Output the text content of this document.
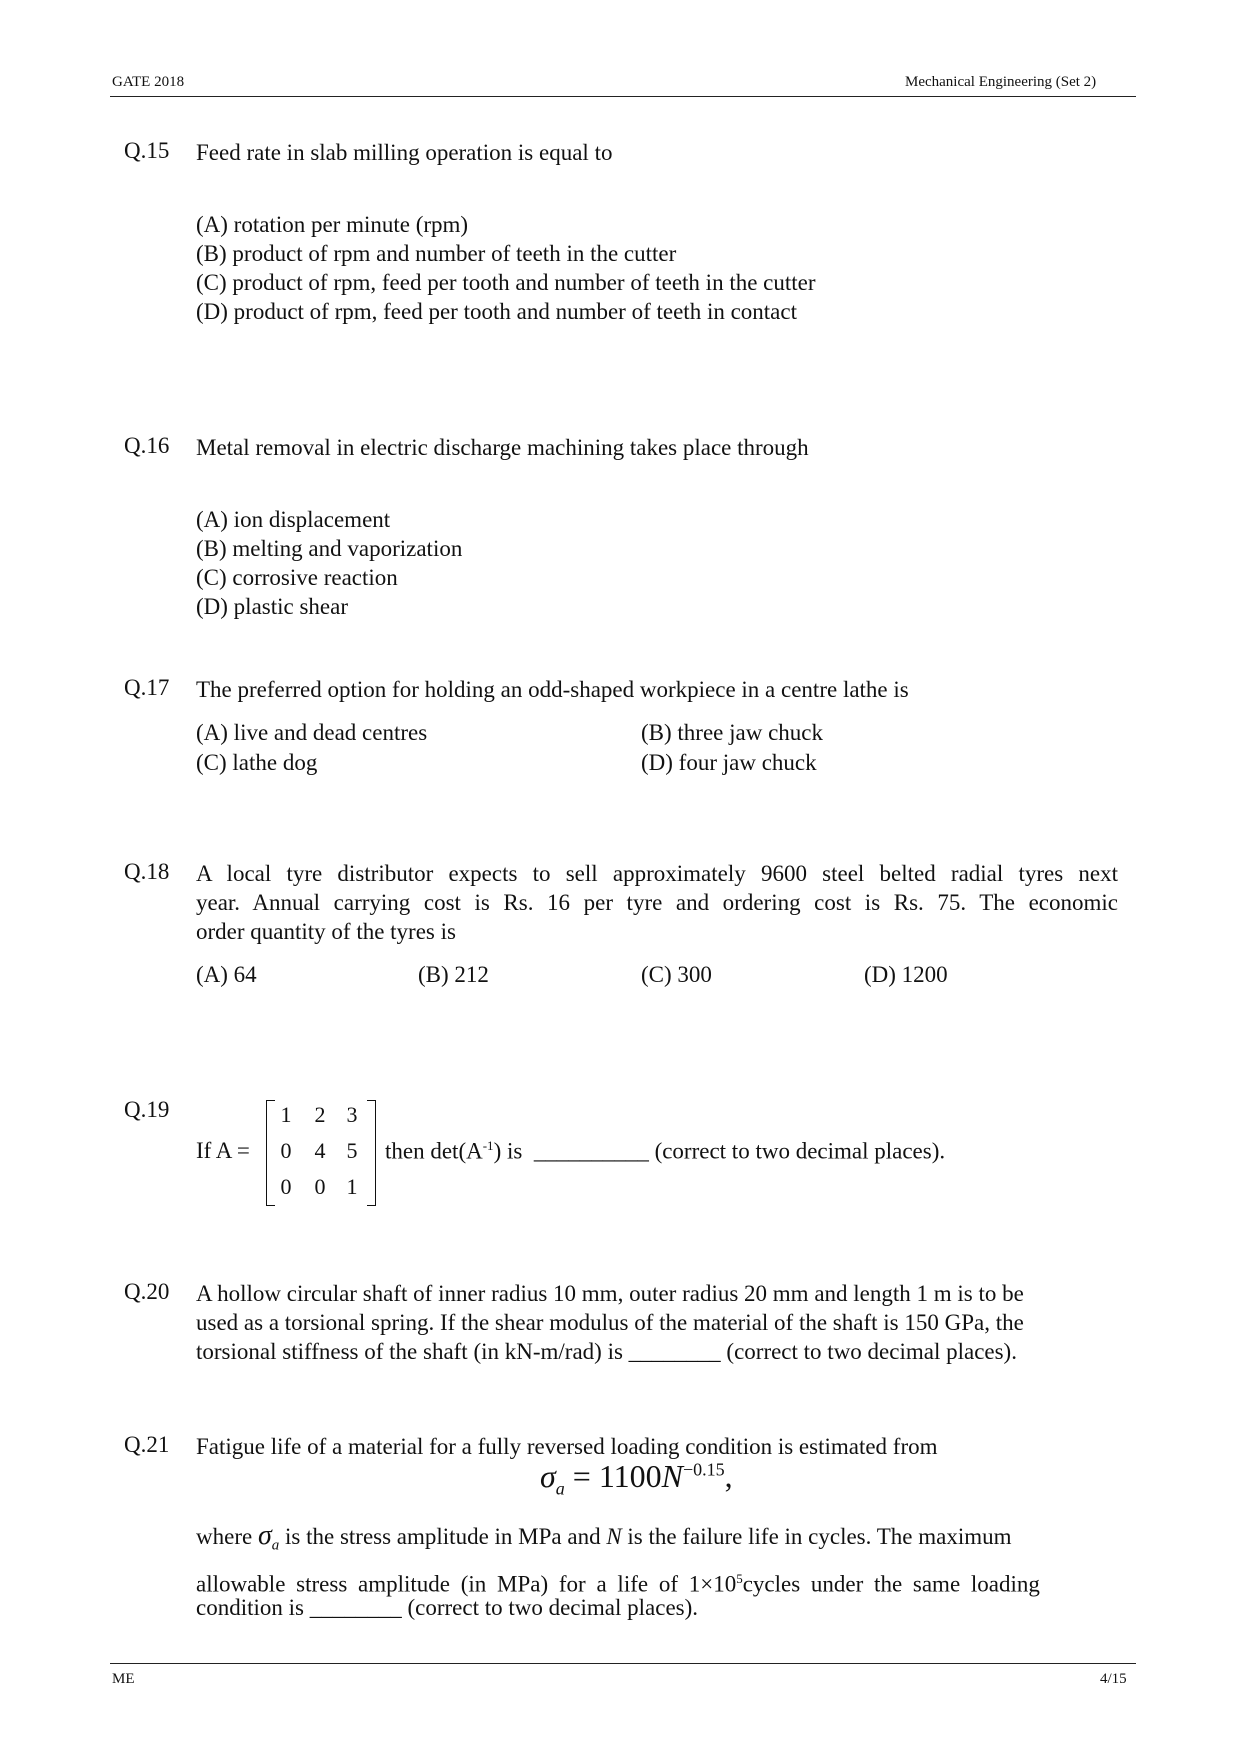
GATE 2018	Mechanical Engineering (Set 2)
Q.15 Feed rate in slab milling operation is equal to
(A) rotation per minute (rpm)
(B) product of rpm and number of teeth in the cutter
(C) product of rpm, feed per tooth and number of teeth in the cutter
(D) product of rpm, feed per tooth and number of teeth in contact
Q.16 Metal removal in electric discharge machining takes place through
(A) ion displacement
(B) melting and vaporization
(C) corrosive reaction
(D) plastic shear
Q.17 The preferred option for holding an odd-shaped workpiece in a centre lathe is
(A) live and dead centres	(B) three jaw chuck
(C) lathe dog	(D) four jaw chuck
Q.18 A local tyre distributor expects to sell approximately 9600 steel belted radial tyres next
year. Annual carrying cost is Rs. 16 per tyre and ordering cost is Rs. 75. The economic
order quantity of the tyres is
(A) 64	(B) 212	(C) 300	(D) 1200
Q.19
If A =
1 2 3
0 4 5
0 0 1
then $\det(A^{-1})$ is __________ (correct to two decimal places).
Q.20 A hollow circular shaft of inner radius 10 mm, outer radius 20 mm and length 1 m is to be
used as a torsional spring. If the shear modulus of the material of the shaft is 150 GPa, the
torsional stiffness of the shaft (in kN-m/rad) is ________ (correct to two decimal places).
Q.21 Fatigue life of a material for a fully reversed loading condition is estimated from
$\sigma_a = 1100N^{-0.15}$,
where $\sigma_a$ is the stress amplitude in MPa and N is the failure life in cycles. The maximum
allowable stress amplitude (in MPa) for a life of $1\times 10^5cycles$ under the same loading
condition is ________ (correct to two decimal places).
ME	4/15
